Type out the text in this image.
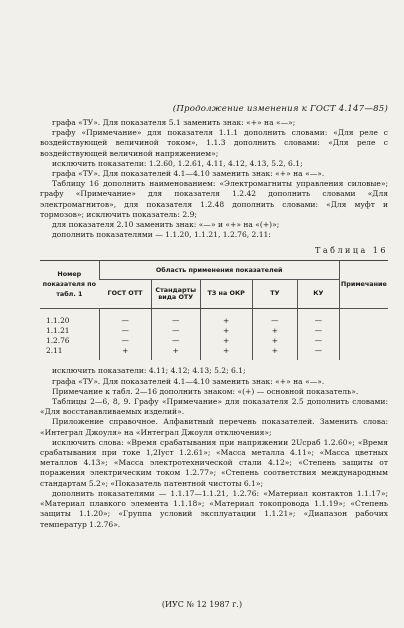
(Продолжение изменения к ГОСТ 4.147—85)

графа «ТУ». Для показателя 5.1 заменить знак: «+» на «—»;

графу «Примечание» для показателя 1.1.1 дополнить словами: «Для реле с воздействующей величиной током», 1.1.3 дополнить словами: «Для реле с воздействующей величиной напряжением»;

исключить показатели: 1.2.60, 1.2.61, 4.11, 4.12, 4.13, 5.2, 6.1;

графа «ТУ». Для показателей 4.1—4.10 заменить знак: «+» на «—».

Таблицу 16 дополнить наименованием: «Электромагниты управления силовые»; графу «Примечание» для показателя 1.2.42 дополнить словами «Для электромагнитов», для показателя 1.2.48 дополнить словами: «Для муфт и тормозов»; исключить показатель: 2.9;

для показателя 2.10 заменить знак: «—» и «+» на «(+)»;

дополнить показателями — 1.1.20, 1.1.21, 1.2.76, 2.11:

Таблица 16
Номер показателя по табл. 1	Область применения показателей					Примечание
	ГОСТ ОТТ	Стандарты вида ОТУ	ТЗ на ОКР	ТУ	КУ	
1.1.20	—	—	+	—	—	
1.1.21	—	—	+	+	—	
1.2.76	—	—	+	+	—	
2.11	+	+	+	+	—	

исключить показатели: 4.11; 4.12; 4.13; 5.2; 6.1;

графа «ТУ». Для показателей 4.1—4.10 заменить знак: «+» на «—».

Примечание к табл. 2—16 дополнить знаком: «(+) — основной показатель».

Таблицы 2—6, 8, 9. Графу «Примечание» для показателя 2.5 дополнить словами: «Для восстанавливаемых изделий».

Приложение справочное. Алфавитный перечень показателей. Заменить слова: «Интеграл Джоуля» на «Интеграл Джоуля отключения»;

исключить слова: «Время срабатывания при напряжении 2Uсраб 1.2.60»; «Время срабатывания при токе 1,2Iуст 1.2.61»; «Масса металла 4.11»; «Масса цветных металлов 4.13»; «Масса электротехнической стали 4.12»; «Степень защиты от поражения электрическим током 1.2.77»; «Степень соответствия международным стандартам 5.2»; «Показатель патентной чистоты 6.1»;

дополнить показателями — 1.1.17—1.1.21, 1.2.76: «Материал контактов 1.1.17»; «Материал плавкого элемента 1.1.18»; «Материал токопровода 1.1.19»; «Степень защиты 1.1.20»; «Группа условий эксплуатации 1.1.21»; «Диапазон рабочих температур 1.2.76».

(ИУС № 12 1987 г.)
